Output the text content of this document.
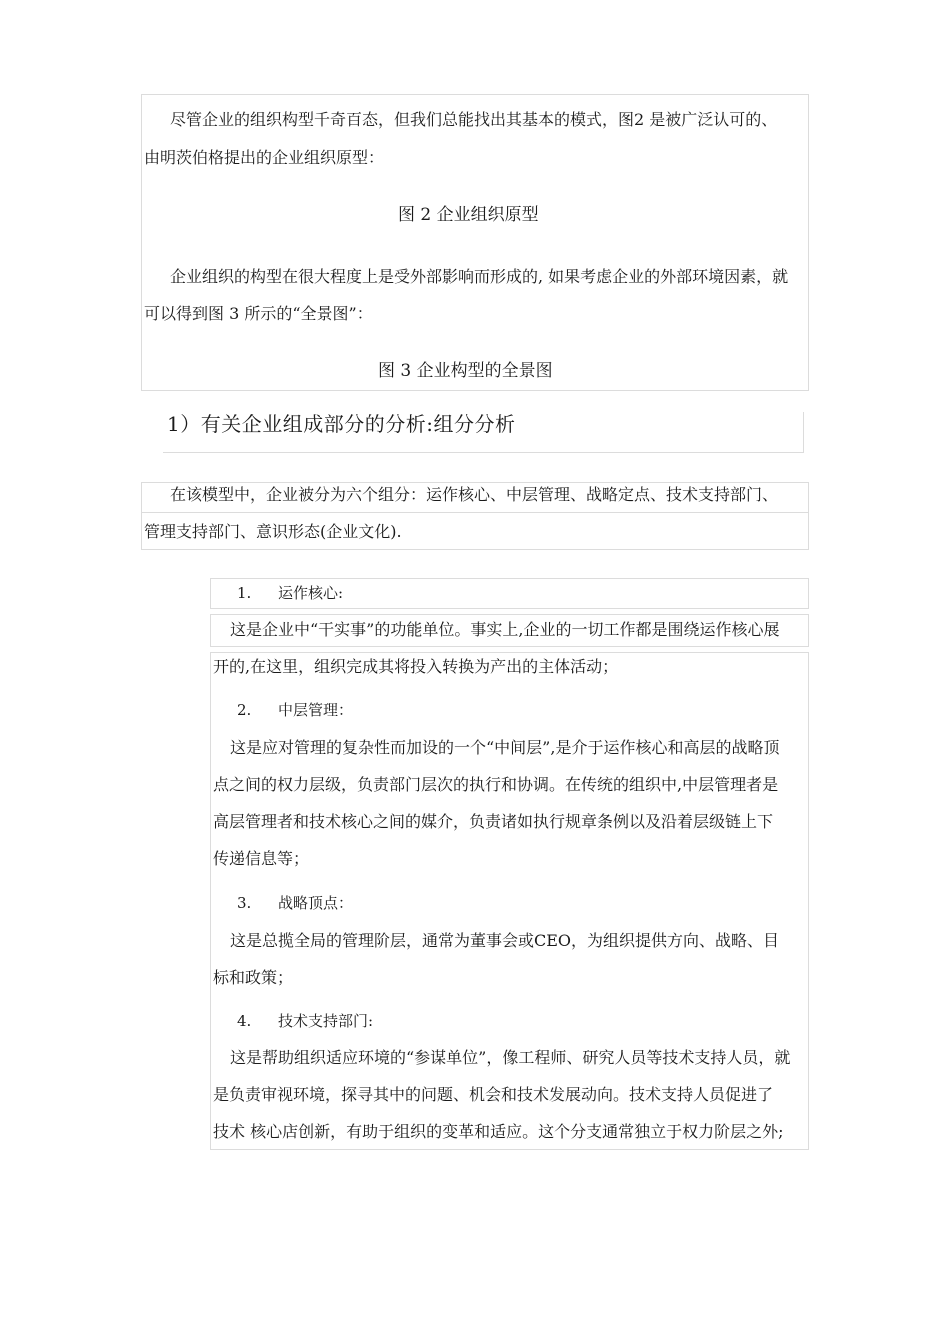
尽管企业的组织构型千奇百态，但我们总能找出其基本的模式，图2 是被广泛认可的、
由明茨伯格提出的企业组织原型：
图 2 企业组织原型
企业组织的构型在很大程度上是受外部影响而形成的, 如果考虑企业的外部环境因素，就
可以得到图 3 所示的“全景图”：
图 3 企业构型的全景图
1）有关企业组成部分的分析:组分分析
在该模型中，企业被分为六个组分：运作核心、中层管理、战略定点、技术支持部门、
管理支持部门、意识形态(企业文化).
1. 运作核心:
这是企业中“干实事”的功能单位。事实上,企业的一切工作都是围绕运作核心展
开的,在这里，组织完成其将投入转换为产出的主体活动；
2. 中层管理：
这是应对管理的复杂性而加设的一个“中间层”,是介于运作核心和高层的战略顶
点之间的权力层级，负责部门层次的执行和协调。在传统的组织中,中层管理者是
高层管理者和技术核心之间的媒介，负责诸如执行规章条例以及沿着层级链上下
传递信息等；
3. 战略顶点：
这是总揽全局的管理阶层，通常为董事会或CEO，为组织提供方向、战略、目
标和政策；
4. 技术支持部门:
这是帮助组织适应环境的“参谋单位”，像工程师、研究人员等技术支持人员，就
是负责审视环境，探寻其中的问题、机会和技术发展动向。技术支持人员促进了
技术 核心店创新，有助于组织的变革和适应。这个分支通常独立于权力阶层之外;
